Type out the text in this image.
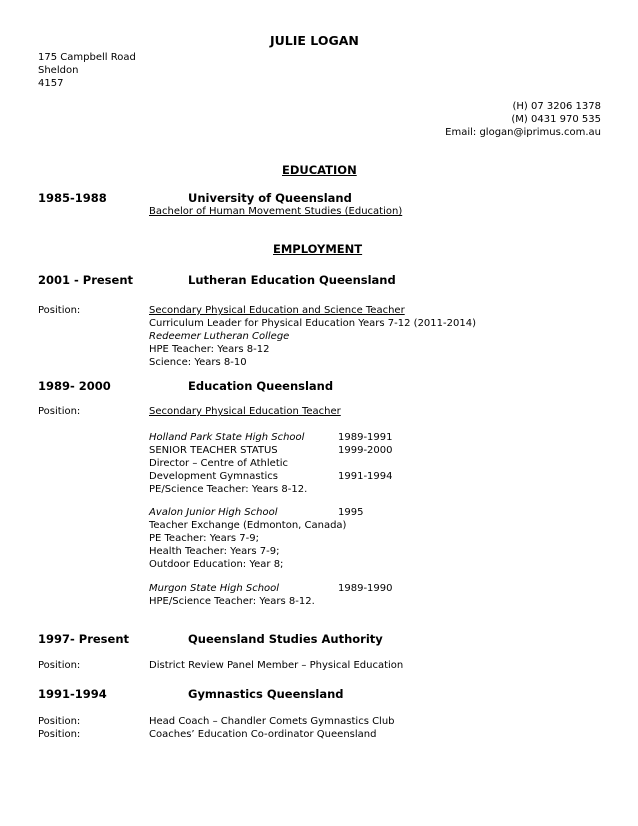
JULIE LOGAN
175 Campbell Road
Sheldon
4157
(H) 07 3206 1378
(M) 0431 970 535
Email: glogan@iprimus.com.au
EDUCATION
1985-1988	University of Queensland
Bachelor of Human Movement Studies (Education)
EMPLOYMENT
2001 - Present	Lutheran Education Queensland
Position:	Secondary Physical Education and Science Teacher
Curriculum Leader for Physical Education Years 7-12 (2011-2014)
Redeemer Lutheran College
HPE Teacher: Years 8-12
Science: Years 8-10
1989- 2000	Education Queensland
Position:	Secondary Physical Education Teacher
Holland Park State High School	1989-1991
SENIOR TEACHER STATUS	1999-2000
Director – Centre of Athletic
Development Gymnastics	1991-1994
PE/Science Teacher: Years 8-12.
Avalon Junior High School	1995
Teacher Exchange (Edmonton, Canada)
PE Teacher: Years 7-9;
Health Teacher: Years 7-9;
Outdoor Education: Year 8;
Murgon State High School	1989-1990
HPE/Science Teacher: Years 8-12.
1997- Present	Queensland Studies Authority
Position:	District Review Panel Member – Physical Education
1991-1994	Gymnastics Queensland
Position:	Head Coach – Chandler Comets Gymnastics Club
Position:	Coaches’ Education Co-ordinator Queensland
